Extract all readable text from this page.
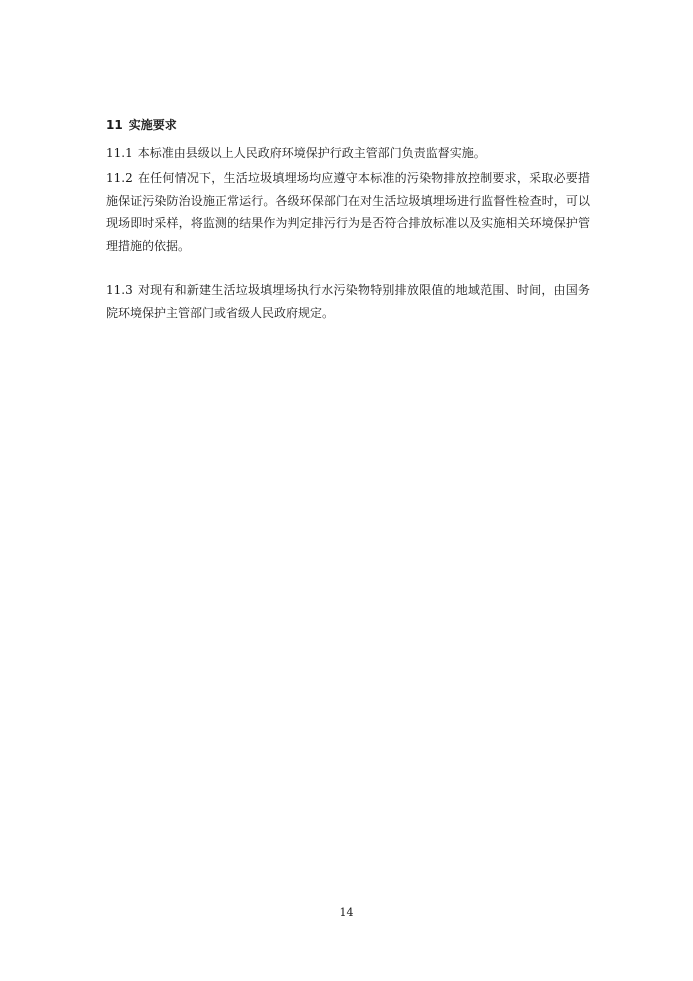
11 实施要求
11.1 本标准由县级以上人民政府环境保护行政主管部门负责监督实施。
11.2 在任何情况下，生活垃圾填埋场均应遵守本标准的污染物排放控制要求，采取必要措施保证污染防治设施正常运行。各级环保部门在对生活垃圾填埋场进行监督性检查时，可以现场即时采样，将监测的结果作为判定排污行为是否符合排放标准以及实施相关环境保护管理措施的依据。
11.3 对现有和新建生活垃圾填埋场执行水污染物特别排放限值的地域范围、时间，由国务院环境保护主管部门或省级人民政府规定。
14
